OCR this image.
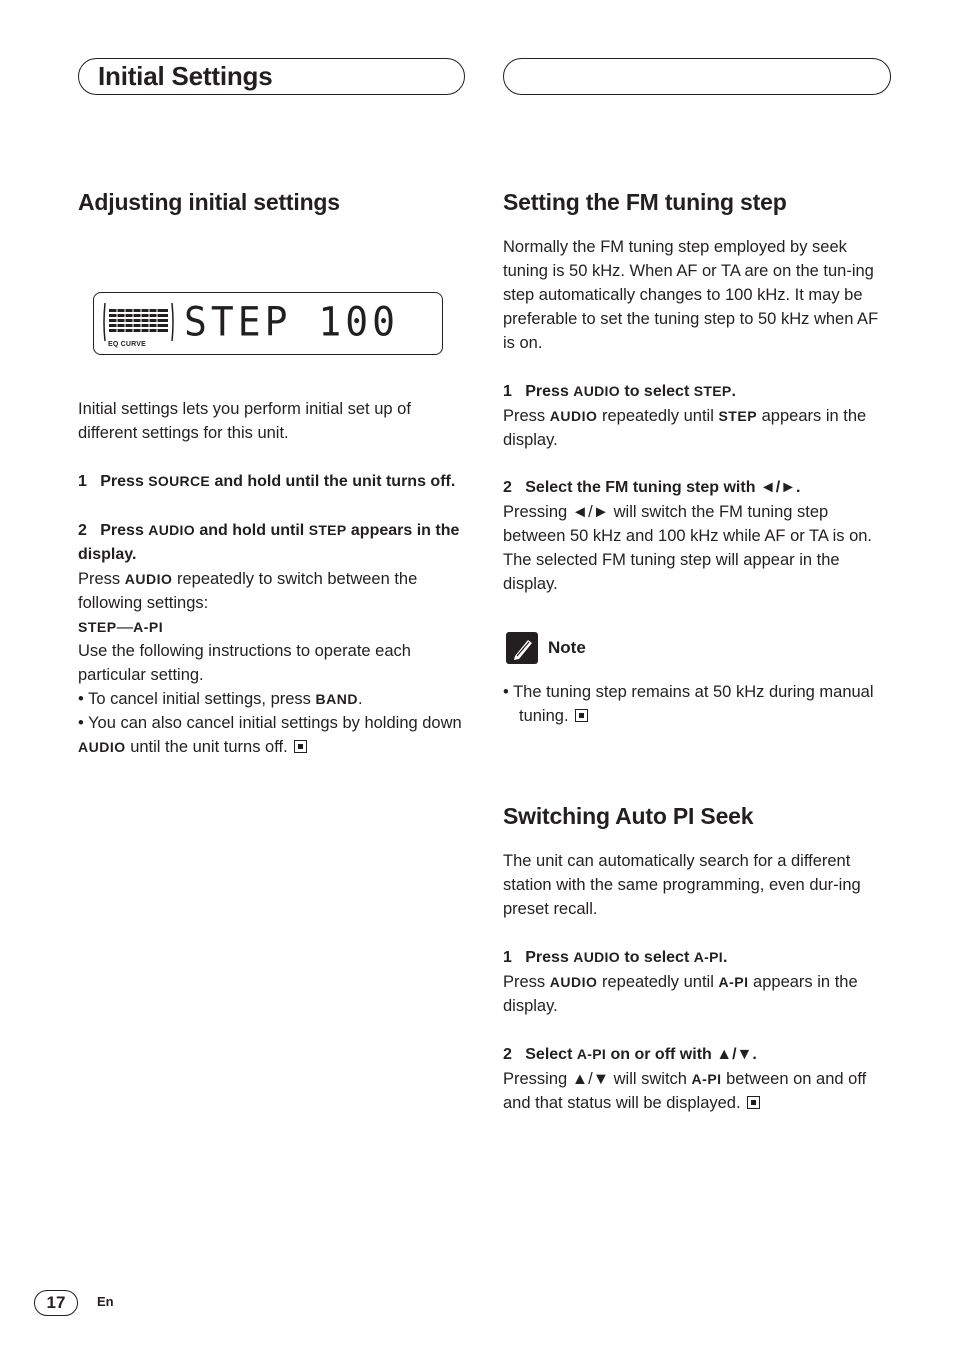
Initial Settings
Adjusting initial settings
EQ CURVE STEP 100

Initial settings lets you perform initial set up of different settings for this unit.

1 Press SOURCE and hold until the unit turns off.

2 Press AUDIO and hold until STEP appears in the display.

Press AUDIO repeatedly to switch between the following settings:

STEP—A-PI

Use the following instructions to operate each particular setting.

• To cancel initial settings, press BAND.

• You can also cancel initial settings by holding down AUDIO until the unit turns off.

Setting the FM tuning step

Normally the FM tuning step employed by seek tuning is 50 kHz. When AF or TA are on the tun-ing step automatically changes to 100 kHz. It may be preferable to set the tuning step to 50 kHz when AF is on.

1 Press AUDIO to select STEP.

Press AUDIO repeatedly until STEP appears in the display.

2 Select the FM tuning step with ◄/►.

Pressing ◄/► will switch the FM tuning step between 50 kHz and 100 kHz while AF or TA is on. The selected FM tuning step will appear in the display.

Note

• The tuning step remains at 50 kHz during manual tuning.

Switching Auto PI Seek

The unit can automatically search for a different station with the same programming, even dur-ing preset recall.

1 Press AUDIO to select A-PI.

Press AUDIO repeatedly until A-PI appears in the display.

2 Select A-PI on or off with ▲/▼.

Pressing ▲/▼ will switch A-PI between on and off and that status will be displayed.

17	En
